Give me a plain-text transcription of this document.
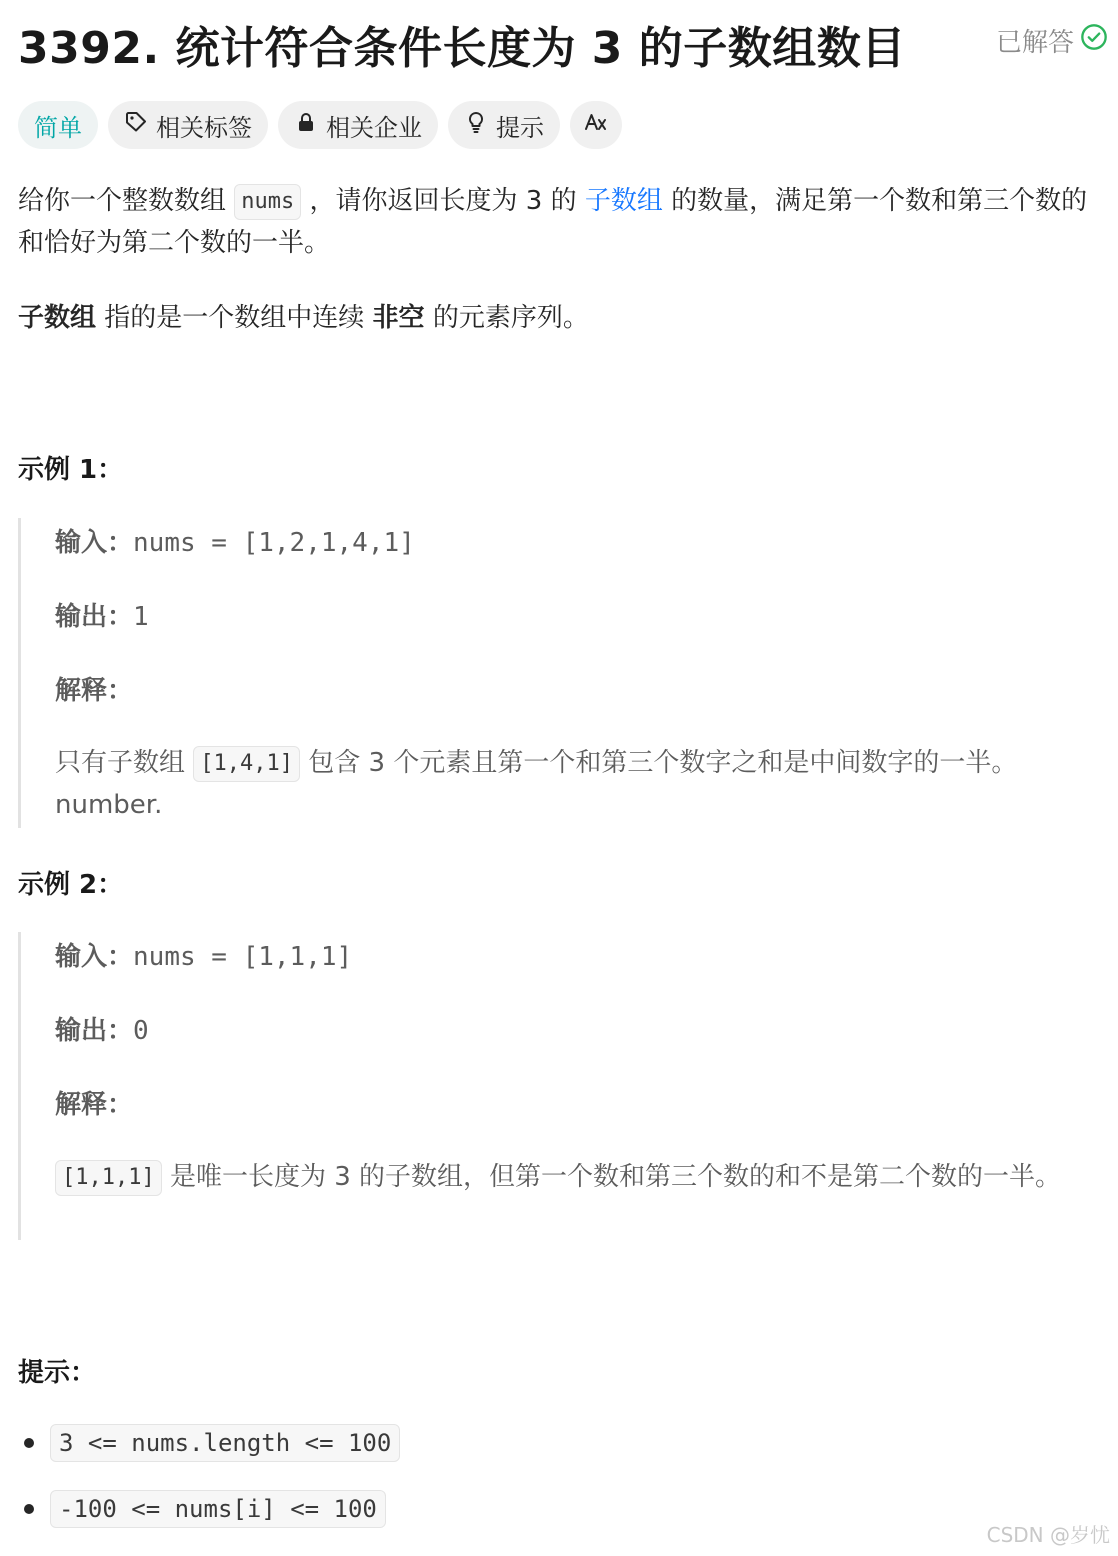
3392. 统计符合条件长度为 3 的子数组数目	已解答
简单	相关标签	相关企业	提示
给你一个整数数组 nums ，请你返回长度为 3 的 子数组 的数量，满足第一个数和第三个数的和恰好为第二个数的一半。
子数组 指的是一个数组中连续 非空 的元素序列。
示例 1：
输入：nums = [1,2,1,4,1]
输出：1
解释：
只有子数组 [1,4,1] 包含 3 个元素且第一个和第三个数字之和是中间数字的一半。number.
示例 2：
输入：nums = [1,1,1]
输出：0
解释：
[1,1,1] 是唯一长度为 3 的子数组，但第一个数和第三个数的和不是第二个数的一半。
提示：
3 <= nums.length <= 100
-100 <= nums[i] <= 100
CSDN @岁忧
